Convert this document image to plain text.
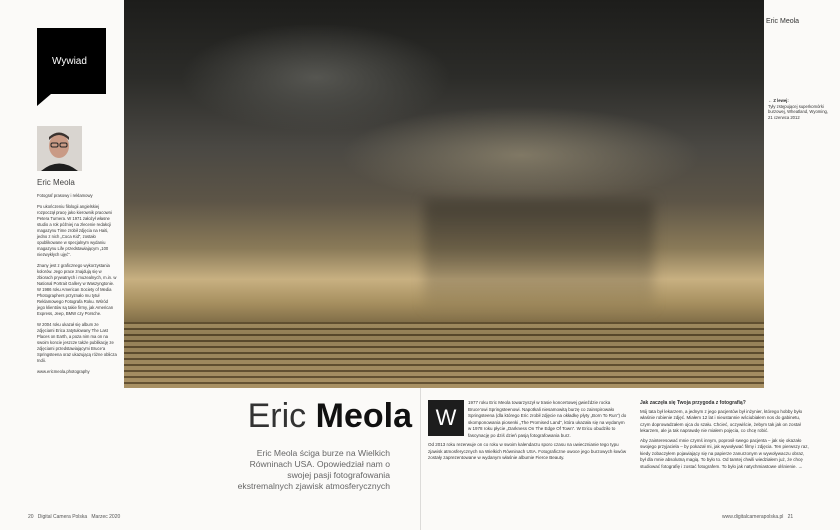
Wywiad
Eric Meola

Fotograf prasowy i reklamowy

Po ukończeniu filologii angielskiej rozpoczął pracę jako kierownik pracowni Petera Turnera. W 1971 założył własne studio a rok później na zlecenie redakcji magazynu Time zrobił zdjęcia na Haiti, jedno z nich „Coca Kid”, zostało opublikowane w specjalnym wydaniu magazynu Life przedstawiającym „100 niezwykłych ujęć”.

Znany jest z graficznego wykorzystania kolorów. Jego prace znajdują się w zbiorach prywatnych i muzealnych, m.in. w National Portrait Gallery w Waszyngtonie. W 1986 roku American Society of Media Photographers przyznało mu tytuł Reklamowego Fotografa Roku. Wśród jego klientów są takie firmy, jak American Express, Jeep, BMW czy Porsche.

W 2004 roku ukazał się album ze zdjęciami Erica zatytułowany The Last Places on Earth, a poza nim ma on na swoim koncie jeszcze także publikację ze zdjęciami przedstawiającymi Bruce’a Springsteena oraz ukazującą różne oblicza Indii.

www.ericmeola.photography

Eric Meola
Eric Meola ściga burze na Wielkich Równinach USA. Opowiedział nam o swojej pasji fotografowania ekstremalnych zjawisk atmosferycznych
20 Digital Camera Polska Marzec 2020
Eric Meola
← Z lewej:
Tyły zstępującej superkomórki burzowej, Wheatland, Wyoming, 21 czerwca 2012

1977 roku Eric Meola towarzyszył w trasie koncertowej gwieździe rocka Bruce’owi Springsteenowi. Napotkali niesamowitą burzę co zainspirowało Springsteena (dla którego Eric zrobił zdjęcie na okładkę płyty „Born To Run”) do skomponowania piosenki „The Promised Land”, która ukazała się na wydanym w 1978 roku płycie „Darkness On The Edge Of Town”. W Ericu obudziło to fascynację po dziś dzień pasją fotografowania burz.

Od 2013 roku rezerwuje on co roku w swoim kalendarzu sporo czasu na uwiecznianie tego typu zjawisk atmosferycznych na Wielkich Równinach USA. Fotograficzne owoce jego burzowych łowów zostały zaprezentowane w wydanym właśnie albumie Fierce Beauty.

W
Jak zaczęła się Twoja przygoda z fotografią?

Mój tata był lekarzem, a jednym z jego pacjentów był inżynier, którego hobby było właśnie robienie zdjęć. Miałem 12 lat i nieustannie wściubiałem nos do gabinetu, czym doprowadzałem ojca do szału. Chcieć, oczywiście, żebym tak jak on został lekarzem, ale ja tak naprawdę nie miałem pojęcia, co chcę robić.

Aby zainteresować mnie czymś innym, poprosił swego pacjenta – jak się okazało swojego przyjaciela – by pokazał mi, jak wywoływać filmy i zdjęcia. Ten pierwszy raz, kiedy zobaczyłem pojawiający się na papierze zanurzonym w wywoływaczu obraz, był dla mnie absolutną magią. To było to. Od tamtej chwili wiedziałem już, że chcę studiować fotografię i zostać fotografem. To było jak natychmiastowe olśnienie. →

www.digitalcamerapolska.pl 21
